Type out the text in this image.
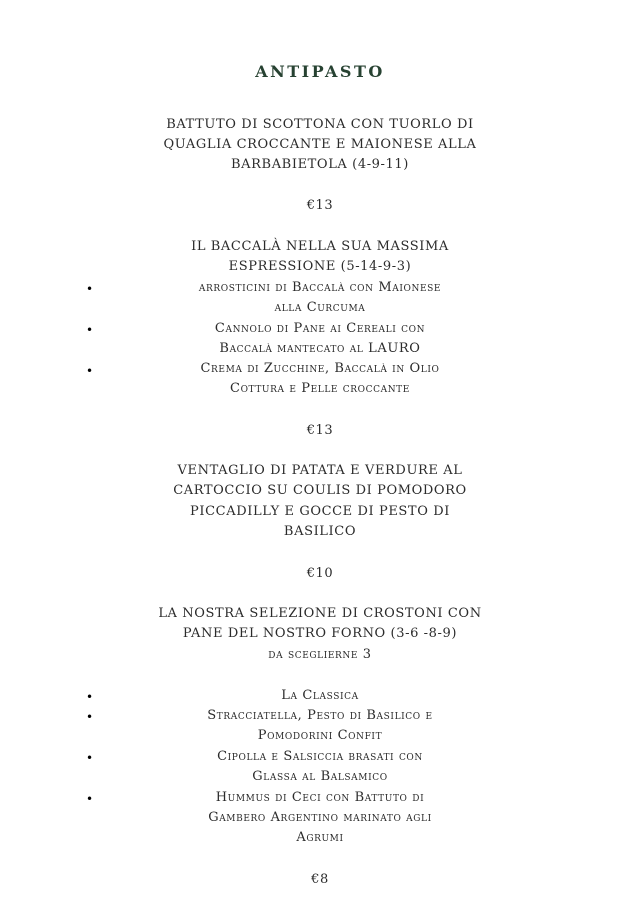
ANTIPASTO
BATTUTO DI SCOTTONA CON TUORLO DI
QUAGLIA CROCCANTE E MAIONESE ALLA
BARBABIETOLA (4-9-11)
€13
IL BACCALÀ NELLA SUA MASSIMA
ESPRESSIONE (5-14-9-3)
•	arrosticini di Baccalà con Maionese
alla Curcuma
•	Cannolo di Pane ai Cereali con
Baccalà mantecato al LAURO
•	Crema di Zucchine, Baccalà in Olio
Cottura e Pelle croccante
€13
VENTAGLIO DI PATATA E VERDURE AL
CARTOCCIO SU COULIS DI POMODORO
PICCADILLY E GOCCE DI PESTO DI
BASILICO
€10
LA NOSTRA SELEZIONE DI CROSTONI CON
PANE DEL NOSTRO FORNO (3-6 -8-9)
da sceglierne 3
•	La Classica
•	Stracciatella, Pesto di Basilico e
Pomodorini Confit
•	Cipolla e Salsiccia brasati con
Glassa al Balsamico
•	Hummus di Ceci con Battuto di
Gambero Argentino marinato agli
Agrumi
€8
